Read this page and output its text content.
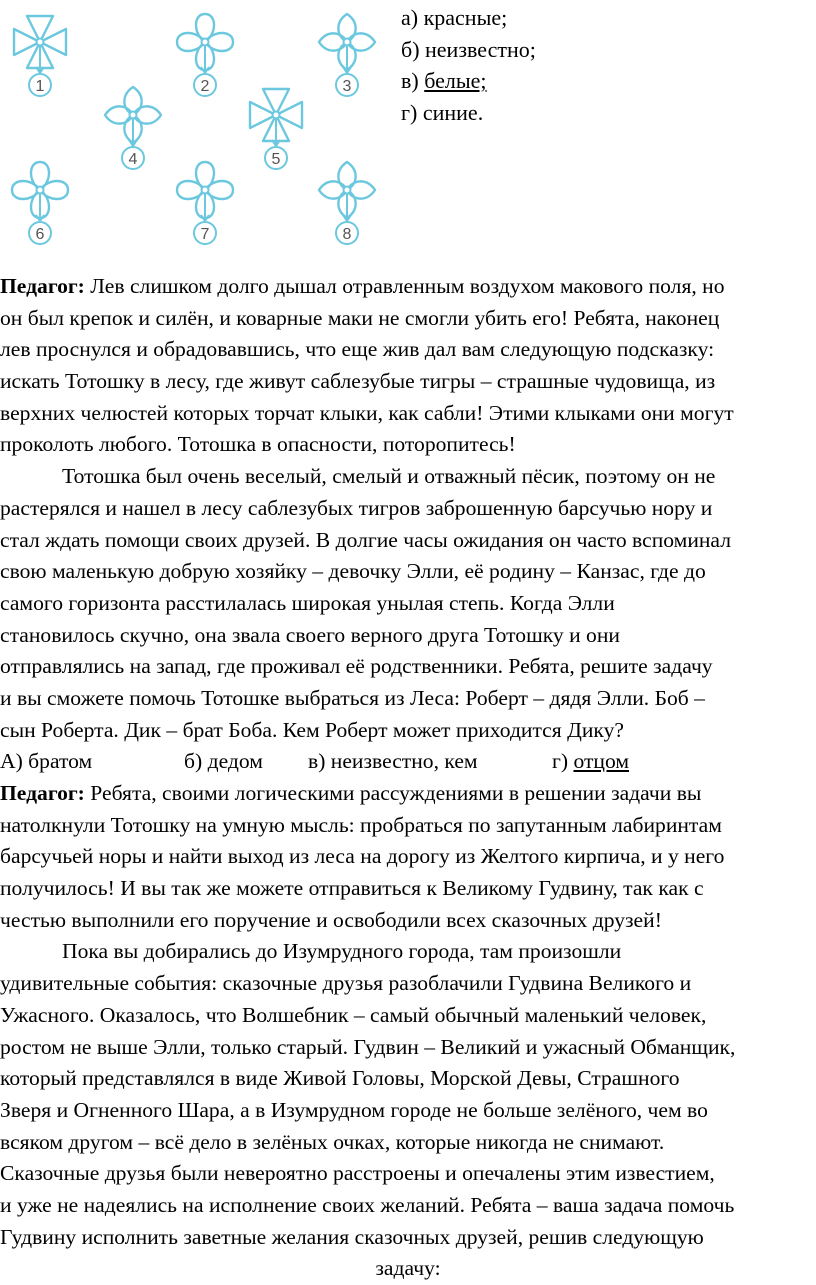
1	2	3
4	5
6	7	8
а) красные;
б) неизвестно;
в) белые;
г) синие.
Педагог: Лев слишком долго дышал отравленным воздухом макового поля, но
он был крепок и силён, и коварные маки не смогли убить его! Ребята, наконец
лев проснулся и обрадовавшись, что еще жив дал вам следующую подсказку:
искать Тотошку в лесу, где живут саблезубые тигры – страшные чудовища, из
верхних челюстей которых торчат клыки, как сабли! Этими клыками они могут
проколоть любого. Тотошка в опасности, поторопитесь!
Тотошка был очень веселый, смелый и отважный пёсик, поэтому он не
растерялся и нашел в лесу саблезубых тигров заброшенную барсучью нору и
стал ждать помощи своих друзей. В долгие часы ожидания он часто вспоминал
свою маленькую добрую хозяйку – девочку Элли, её родину – Канзас, где до
самого горизонта расстилалась широкая унылая степь. Когда Элли
становилось скучно, она звала своего верного друга Тотошку и они
отправлялись на запад, где проживал её родственники. Ребята, решите задачу
и вы сможете помочь Тотошке выбраться из Леса: Роберт – дядя Элли. Боб –
сын Роберта. Дик – брат Боба. Кем Роберт может приходится Дику?
А) братом	б) дедом	в) неизвестно, кем	г) отцом
Педагог: Ребята, своими логическими рассуждениями в решении задачи вы
натолкнули Тотошку на умную мысль: пробраться по запутанным лабиринтам
барсучьей норы и найти выход из леса на дорогу из Желтого кирпича, и у него
получилось! И вы так же можете отправиться к Великому Гудвину, так как с
честью выполнили его поручение и освободили всех сказочных друзей!
Пока вы добирались до Изумрудного города, там произошли
удивительные события: сказочные друзья разоблачили Гудвина Великого и
Ужасного. Оказалось, что Волшебник – самый обычный маленький человек,
ростом не выше Элли, только старый. Гудвин – Великий и ужасный Обманщик,
который представлялся в виде Живой Головы, Морской Девы, Страшного
Зверя и Огненного Шара, а в Изумрудном городе не больше зелёного, чем во
всяком другом – всё дело в зелёных очках, которые никогда не снимают.
Сказочные друзья были невероятно расстроены и опечалены этим известием,
и уже не надеялись на исполнение своих желаний. Ребята – ваша задача помочь
Гудвину исполнить заветные желания сказочных друзей, решив следующую
задачу:
